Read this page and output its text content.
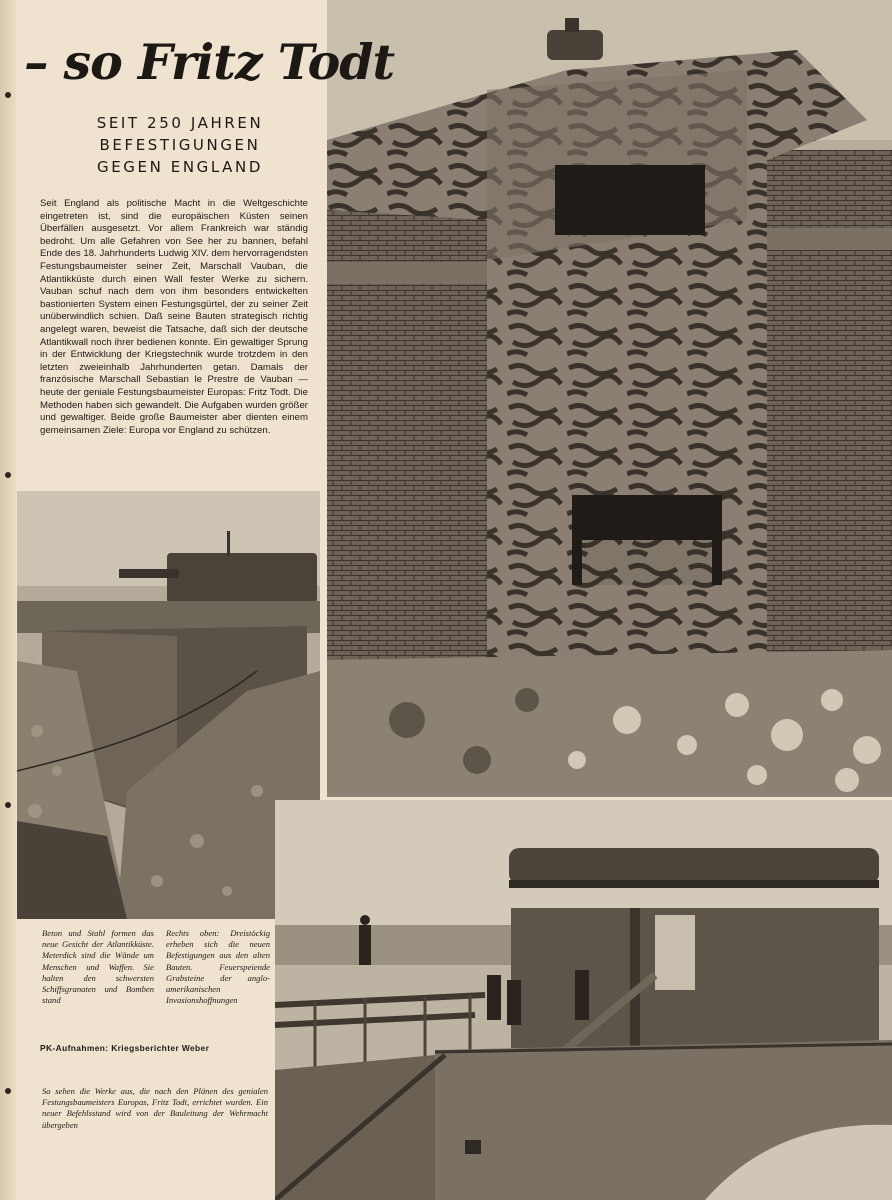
– so Fritz Todt
SEIT 250 JAHREN BEFESTIGUNGEN GEGEN ENGLAND
Seit England als politische Macht in die Weltgeschichte eingetreten ist, sind die europäischen Küsten seinen Überfällen ausgesetzt. Vor allem Frankreich war ständig bedroht. Um alle Gefahren von See her zu bannen, befahl Ende des 18. Jahrhunderts Ludwig XIV. dem hervorragendsten Festungsbaumeister seiner Zeit, Marschall Vauban, die Atlantikküste durch einen Wall fester Werke zu sichern. Vauban schuf nach dem von ihm besonders entwickelten bastionierten System einen Festungsgürtel, der zu seiner Zeit unüberwindlich schien. Daß seine Bauten strategisch richtig angelegt waren, beweist die Tatsache, daß sich der deutsche Atlantikwall noch ihrer bedienen konnte. Ein gewaltiger Sprung in der Entwicklung der Kriegstechnik wurde trotzdem in den letzten zweieinhalb Jahrhunderten getan. Damals der französische Marschall Sebastian le Prestre de Vauban — heute der geniale Festungsbaumeister Europas: Fritz Todt. Die Methoden haben sich gewandelt. Die Aufgaben wurden größer und gewaltiger. Beide große Baumeister aber dienten einem gemeinsamen Ziele: Europa vor England zu schützen.
Beton und Stahl formen das neue Gesicht der Atlantikküste. Meterdick sind die Wände um Menschen und Waffen. Sie halten den schwersten Schiffsgranaten und Bomben stand
Rechts oben: Dreistöckig erheben sich die neuen Befestigungen aus den alten Bauten. Feuerspeiende Grabsteine der anglo-amerikanischen Invasionshoffnungen
PK-Aufnahmen: Kriegsberichter Weber
So sehen die Werke aus, die nach den Plänen des genialen Festungsbaumeisters Europas, Fritz Todt, errichtet wurden. Ein neuer Befehlsstand wird von der Bauleitung der Wehrmacht übergeben
